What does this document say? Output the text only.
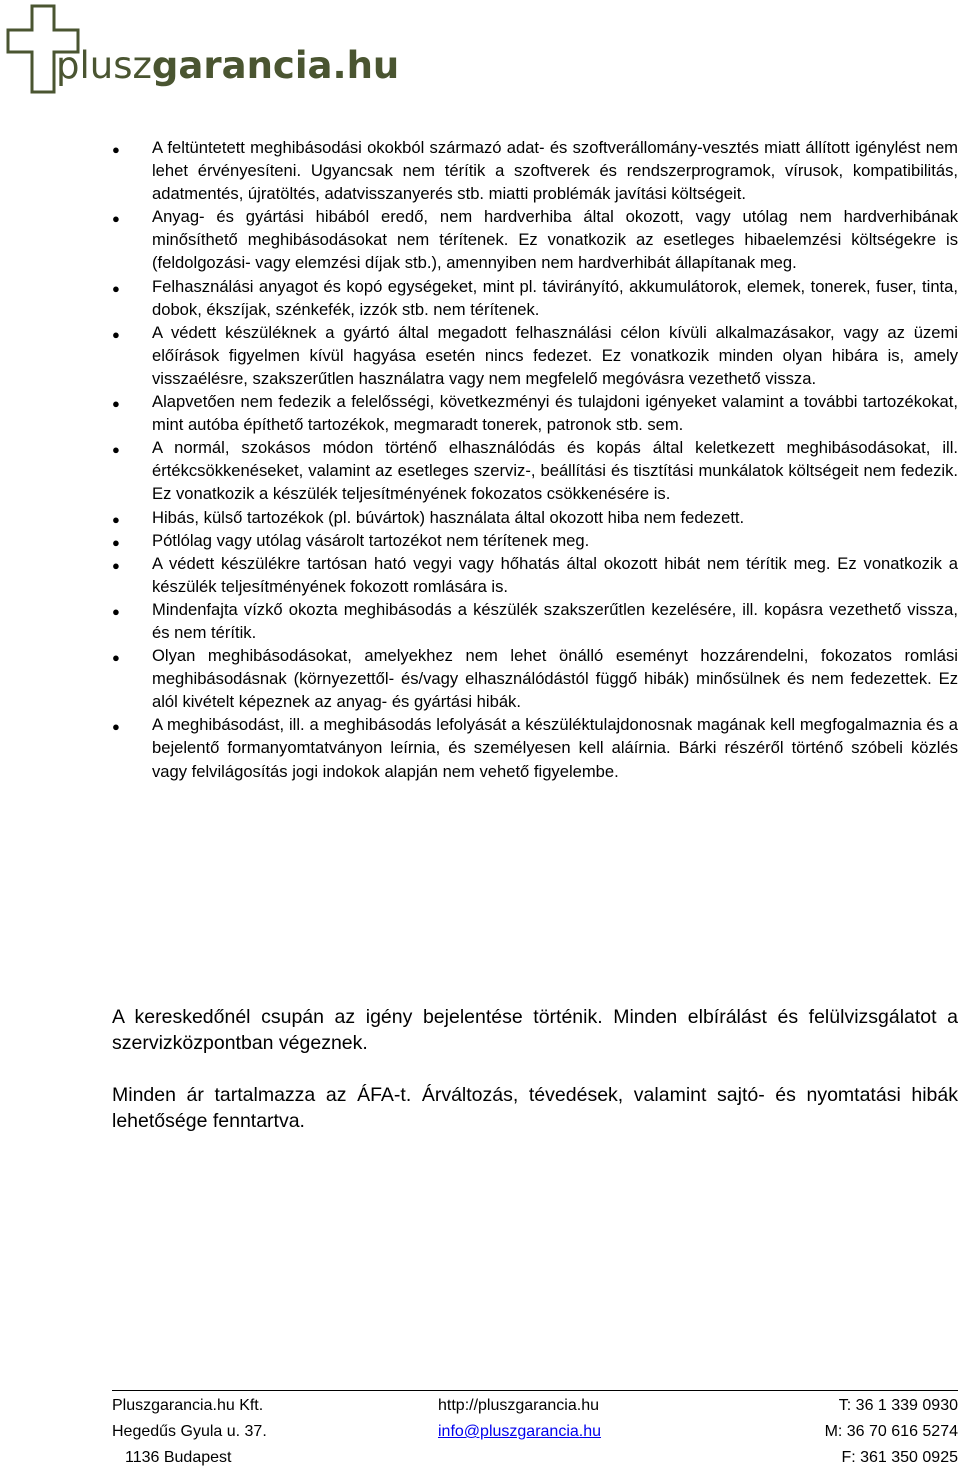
pluszgarancia.hu
● A feltüntetett meghibásodási okokból származó adat- és szoftverállomány-vesztés miatt állított igénylést nem lehet érvényesíteni. Ugyancsak nem térítik a szoftverek és rendszerprogramok, vírusok, kompatibilitás, adatmentés, újratöltés, adatvisszanyerés stb. miatti problémák javítási költségeit.
● Anyag- és gyártási hibából eredő, nem hardverhiba által okozott, vagy utólag nem hardverhibának minősíthető meghibásodásokat nem térítenek. Ez vonatkozik az esetleges hibaelemzési költségekre is (feldolgozási- vagy elemzési díjak stb.), amennyiben nem hardverhibát állapítanak meg.
● Felhasználási anyagot és kopó egységeket, mint pl. távirányító, akkumulátorok, elemek, tonerek, fuser, tinta, dobok, ékszíjak, szénkefék, izzók stb. nem térítenek.
● A védett készüléknek a gyártó által megadott felhasználási célon kívüli alkalmazásakor, vagy az üzemi előírások figyelmen kívül hagyása esetén nincs fedezet. Ez vonatkozik minden olyan hibára is, amely visszaélésre, szakszerűtlen használatra vagy nem megfelelő megóvásra vezethető vissza.
● Alapvetően nem fedezik a felelősségi, következményi és tulajdoni igényeket valamint a további tartozékokat, mint autóba építhető tartozékok, megmaradt tonerek, patronok stb. sem.
● A normál, szokásos módon történő elhasználódás és kopás által keletkezett meghibásodásokat, ill. értékcsökkenéseket, valamint az esetleges szerviz-, beállítási és tisztítási munkálatok költségeit nem fedezik. Ez vonatkozik a készülék teljesítményének fokozatos csökkenésére is.
● Hibás, külső tartozékok (pl. búvártok) használata által okozott hiba nem fedezett.
● Pótlólag vagy utólag vásárolt tartozékot nem térítenek meg.
● A védett készülékre tartósan ható vegyi vagy hőhatás által okozott hibát nem térítik meg. Ez vonatkozik a készülék teljesítményének fokozott romlására is.
● Mindenfajta vízkő okozta meghibásodás a készülék szakszerűtlen kezelésére, ill. kopásra vezethető vissza, és nem térítik.
● Olyan meghibásodásokat, amelyekhez nem lehet önálló eseményt hozzárendelni, fokozatos romlási meghibásodásnak (környezettől- és/vagy elhasználódástól függő hibák) minősülnek és nem fedezettek. Ez alól kivételt képeznek az anyag- és gyártási hibák.
● A meghibásodást, ill. a meghibásodás lefolyását a készüléktulajdonosnak magának kell megfogalmaznia és a bejelentő formanyomtatványon leírnia, és személyesen kell aláírnia. Bárki részéről történő szóbeli közlés vagy felvilágosítás jogi indokok alapján nem vehető figyelembe.

A kereskedőnél csupán az igény bejelentése történik. Minden elbírálást és felülvizsgálatot a szervizközpontban végeznek.

Minden ár tartalmazza az ÁFA-t. Árváltozás, tévedések, valamint sajtó- és nyomtatási hibák lehetősége fenntartva.

Pluszgarancia.hu Kft.
Hegedűs Gyula u. 37.
1136 Budapest
http://pluszgarancia.hu
info@pluszgarancia.hu
T: 36 1 339 0930
M: 36 70 616 5274
F: 361 350 0925
